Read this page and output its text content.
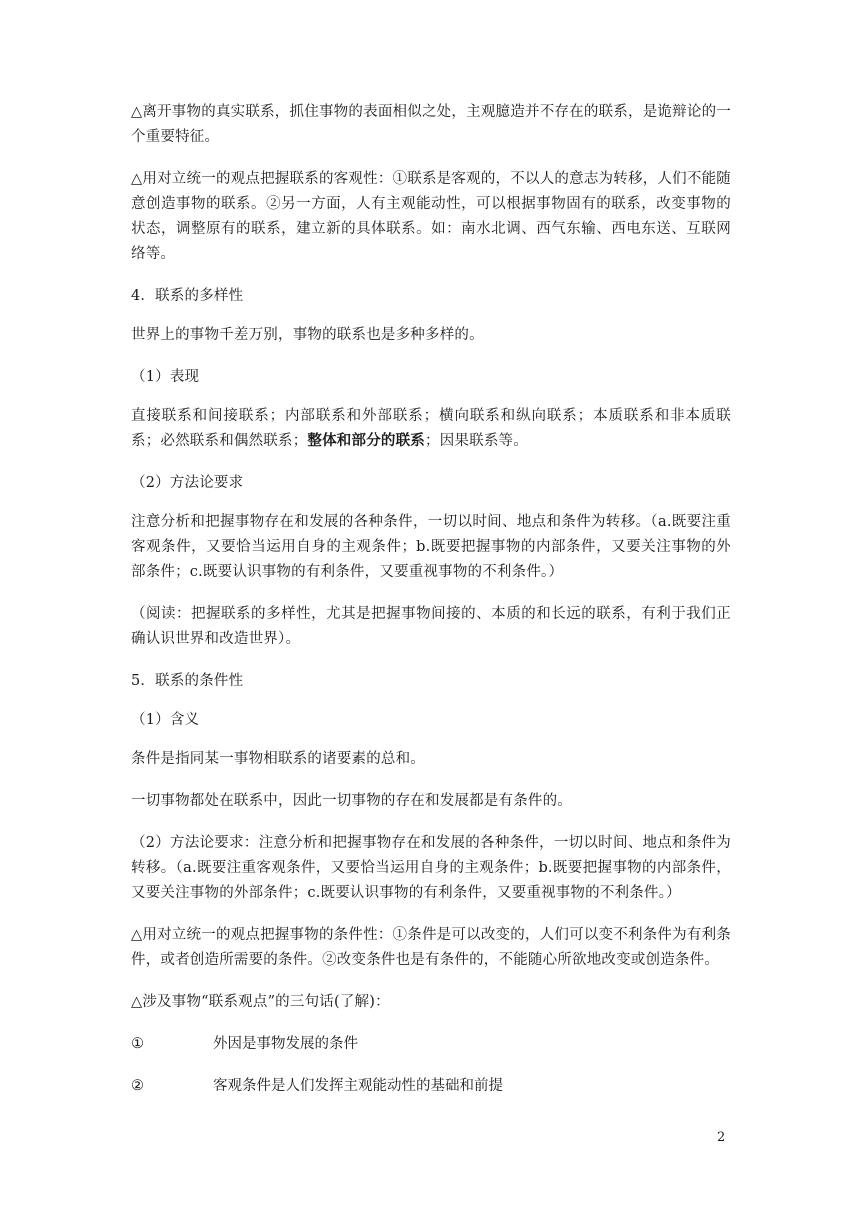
△离开事物的真实联系，抓住事物的表面相似之处，主观臆造并不存在的联系，是诡辩论的一个重要特征。

△用对立统一的观点把握联系的客观性：①联系是客观的，不以人的意志为转移，人们不能随意创造事物的联系。②另一方面，人有主观能动性，可以根据事物固有的联系，改变事物的状态，调整原有的联系，建立新的具体联系。如：南水北调、西气东输、西电东送、互联网络等。

4．联系的多样性

世界上的事物千差万别，事物的联系也是多种多样的。

（1）表现

直接联系和间接联系；内部联系和外部联系；横向联系和纵向联系；本质联系和非本质联系；必然联系和偶然联系；整体和部分的联系；因果联系等。

（2）方法论要求

注意分析和把握事物存在和发展的各种条件，一切以时间、地点和条件为转移。（a.既要注重客观条件，又要恰当运用自身的主观条件；b.既要把握事物的内部条件，又要关注事物的外部条件；c.既要认识事物的有利条件，又要重视事物的不利条件。）

（阅读：把握联系的多样性，尤其是把握事物间接的、本质的和长远的联系，有利于我们正确认识世界和改造世界）。

5．联系的条件性

（1）含义

条件是指同某一事物相联系的诸要素的总和。

一切事物都处在联系中，因此一切事物的存在和发展都是有条件的。

（2）方法论要求：注意分析和把握事物存在和发展的各种条件，一切以时间、地点和条件为转移。（a.既要注重客观条件，又要恰当运用自身的主观条件；b.既要把握事物的内部条件，又要关注事物的外部条件；c.既要认识事物的有利条件，又要重视事物的不利条件。）

△用对立统一的观点把握事物的条件性：①条件是可以改变的，人们可以变不利条件为有利条件，或者创造所需要的条件。②改变条件也是有条件的，不能随心所欲地改变或创造条件。

△涉及事物“联系观点”的三句话(了解)：

①	外因是事物发展的条件
②	客观条件是人们发挥主观能动性的基础和前提
2
